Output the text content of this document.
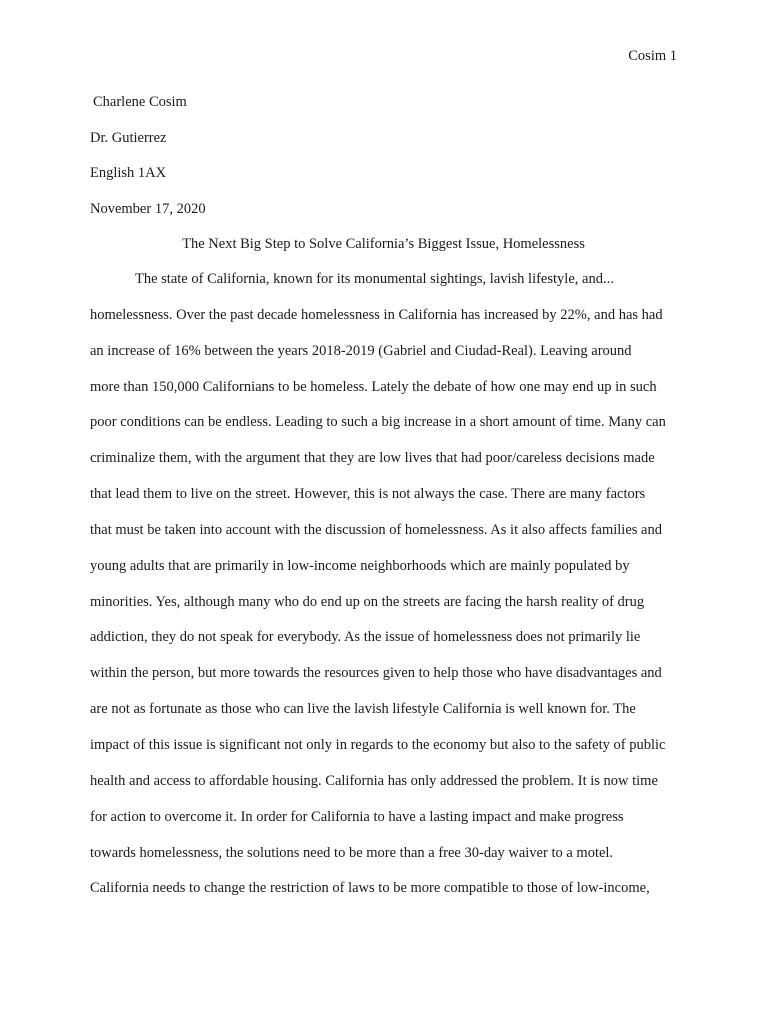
Cosim 1
Charlene Cosim
Dr. Gutierrez
English 1AX
November 17, 2020
The Next Big Step to Solve California’s Biggest Issue, Homelessness
The state of California, known for its monumental sightings, lavish lifestyle, and...
homelessness. Over the past decade homelessness in California has increased by 22%, and has had
an increase of 16% between the years 2018-2019 (Gabriel and Ciudad-Real). Leaving around
more than 150,000 Californians to be homeless. Lately the debate of how one may end up in such
poor conditions can be endless. Leading to such a big increase in a short amount of time. Many can
criminalize them, with the argument that they are low lives that had poor/careless decisions made
that lead them to live on the street. However, this is not always the case. There are many factors
that must be taken into account with the discussion of homelessness. As it also affects families and
young adults that are primarily in low-income neighborhoods which are mainly populated by
minorities. Yes, although many who do end up on the streets are facing the harsh reality of drug
addiction, they do not speak for everybody. As the issue of homelessness does not primarily lie
within the person, but more towards the resources given to help those who have disadvantages and
are not as fortunate as those who can live the lavish lifestyle California is well known for. The
impact of this issue is significant not only in regards to the economy but also to the safety of public
health and access to affordable housing. California has only addressed the problem. It is now time
for action to overcome it. In order for California to have a lasting impact and make progress
towards homelessness, the solutions need to be more than a free 30-day waiver to a motel.
California needs to change the restriction of laws to be more compatible to those of low-income,
